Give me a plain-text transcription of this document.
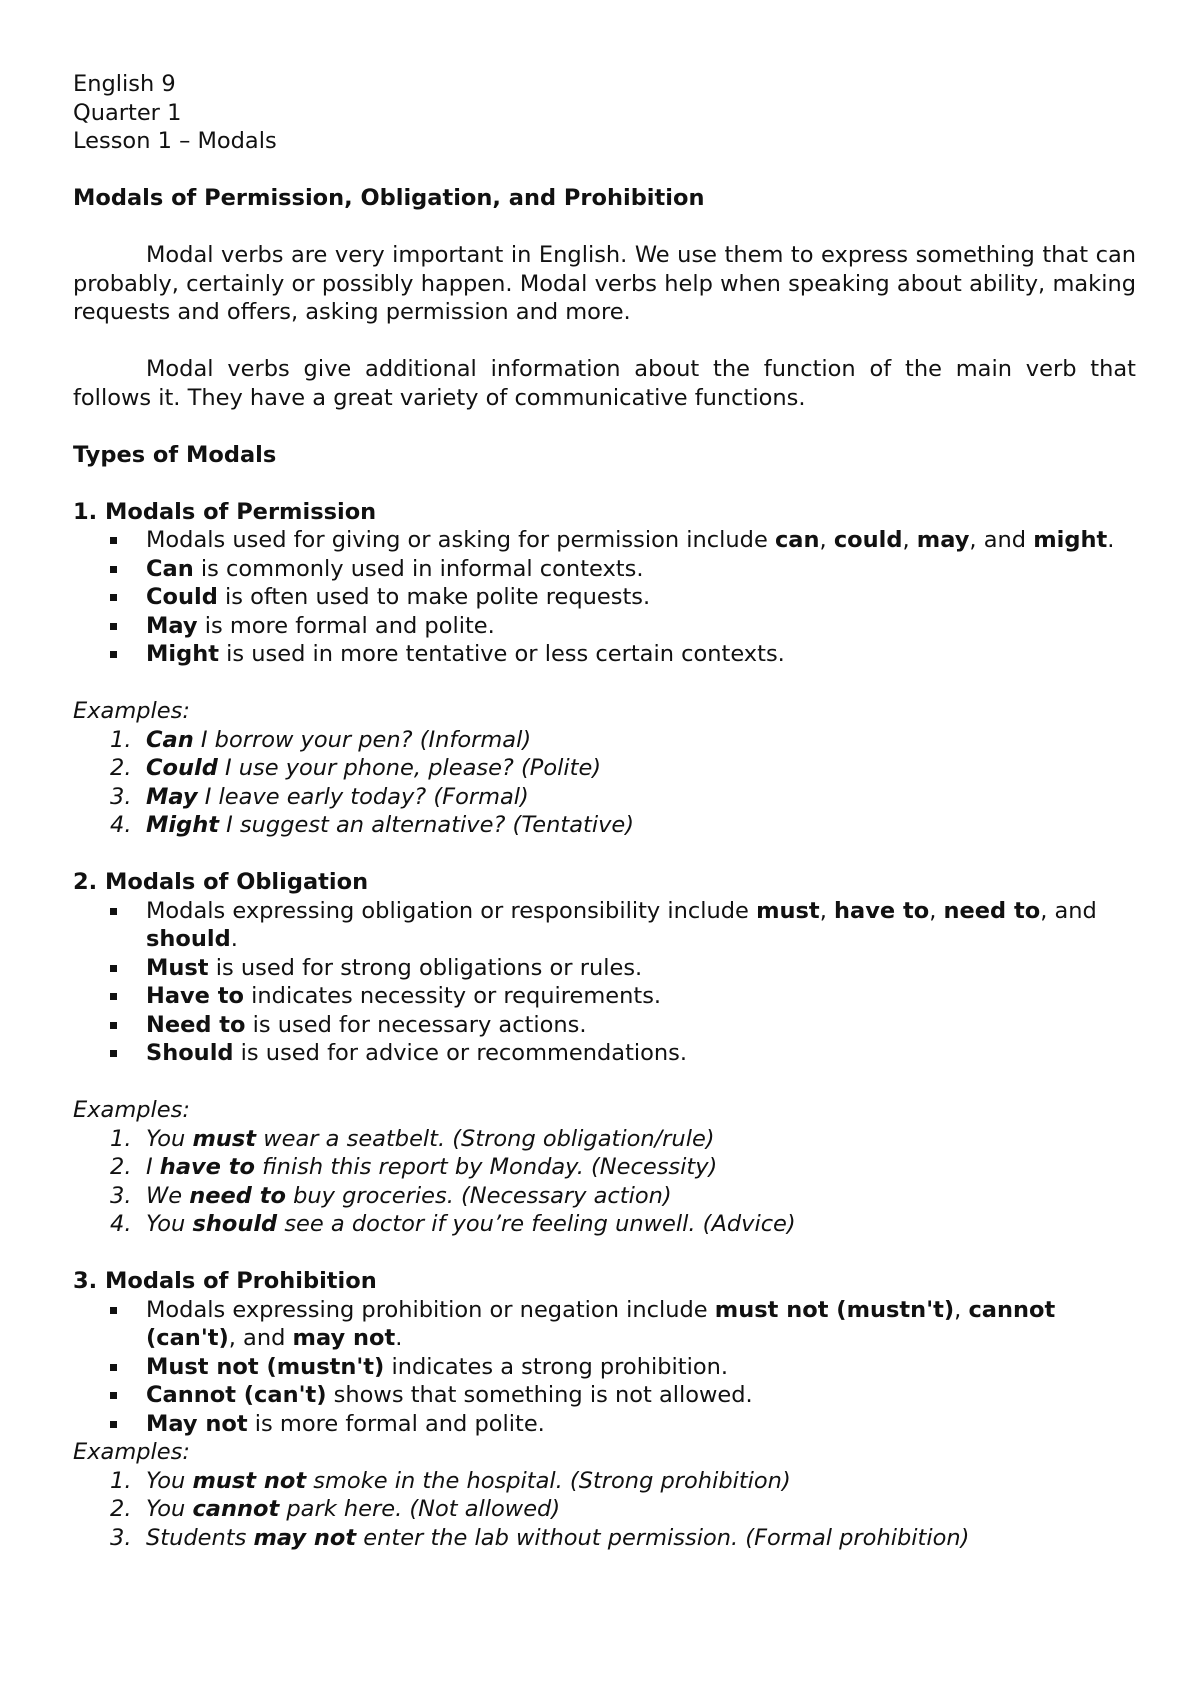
English 9

Quarter 1

Lesson 1 – Modals

Modals of Permission, Obligation, and Prohibition

Modal verbs are very important in English. We use them to express something that can probably, certainly or possibly happen. Modal verbs help when speaking about ability, making requests and offers, asking permission and more.

Modal verbs give additional information about the function of the main verb that follows it. They have a great variety of communicative functions.

Types of Modals

1. Modals of Permission

Modals used for giving or asking for permission include can, could, may, and might.
Can is commonly used in informal contexts.
Could is often used to make polite requests.
May is more formal and polite.
Might is used in more tentative or less certain contexts.

Examples:

1. Can I borrow your pen? (Informal)
2. Could I use your phone, please? (Polite)
3. May I leave early today? (Formal)
4. Might I suggest an alternative? (Tentative)

2. Modals of Obligation

Modals expressing obligation or responsibility include must, have to, need to, and should.
Must is used for strong obligations or rules.
Have to indicates necessity or requirements.
Need to is used for necessary actions.
Should is used for advice or recommendations.

Examples:

1. You must wear a seatbelt. (Strong obligation/rule)
2. I have to finish this report by Monday. (Necessity)
3. We need to buy groceries. (Necessary action)
4. You should see a doctor if you’re feeling unwell. (Advice)

3. Modals of Prohibition

Modals expressing prohibition or negation include must not (mustn't), cannot (can't), and may not.
Must not (mustn't) indicates a strong prohibition.
Cannot (can't) shows that something is not allowed.
May not is more formal and polite.

Examples:

1. You must not smoke in the hospital. (Strong prohibition)
2. You cannot park here. (Not allowed)
3. Students may not enter the lab without permission. (Formal prohibition)
